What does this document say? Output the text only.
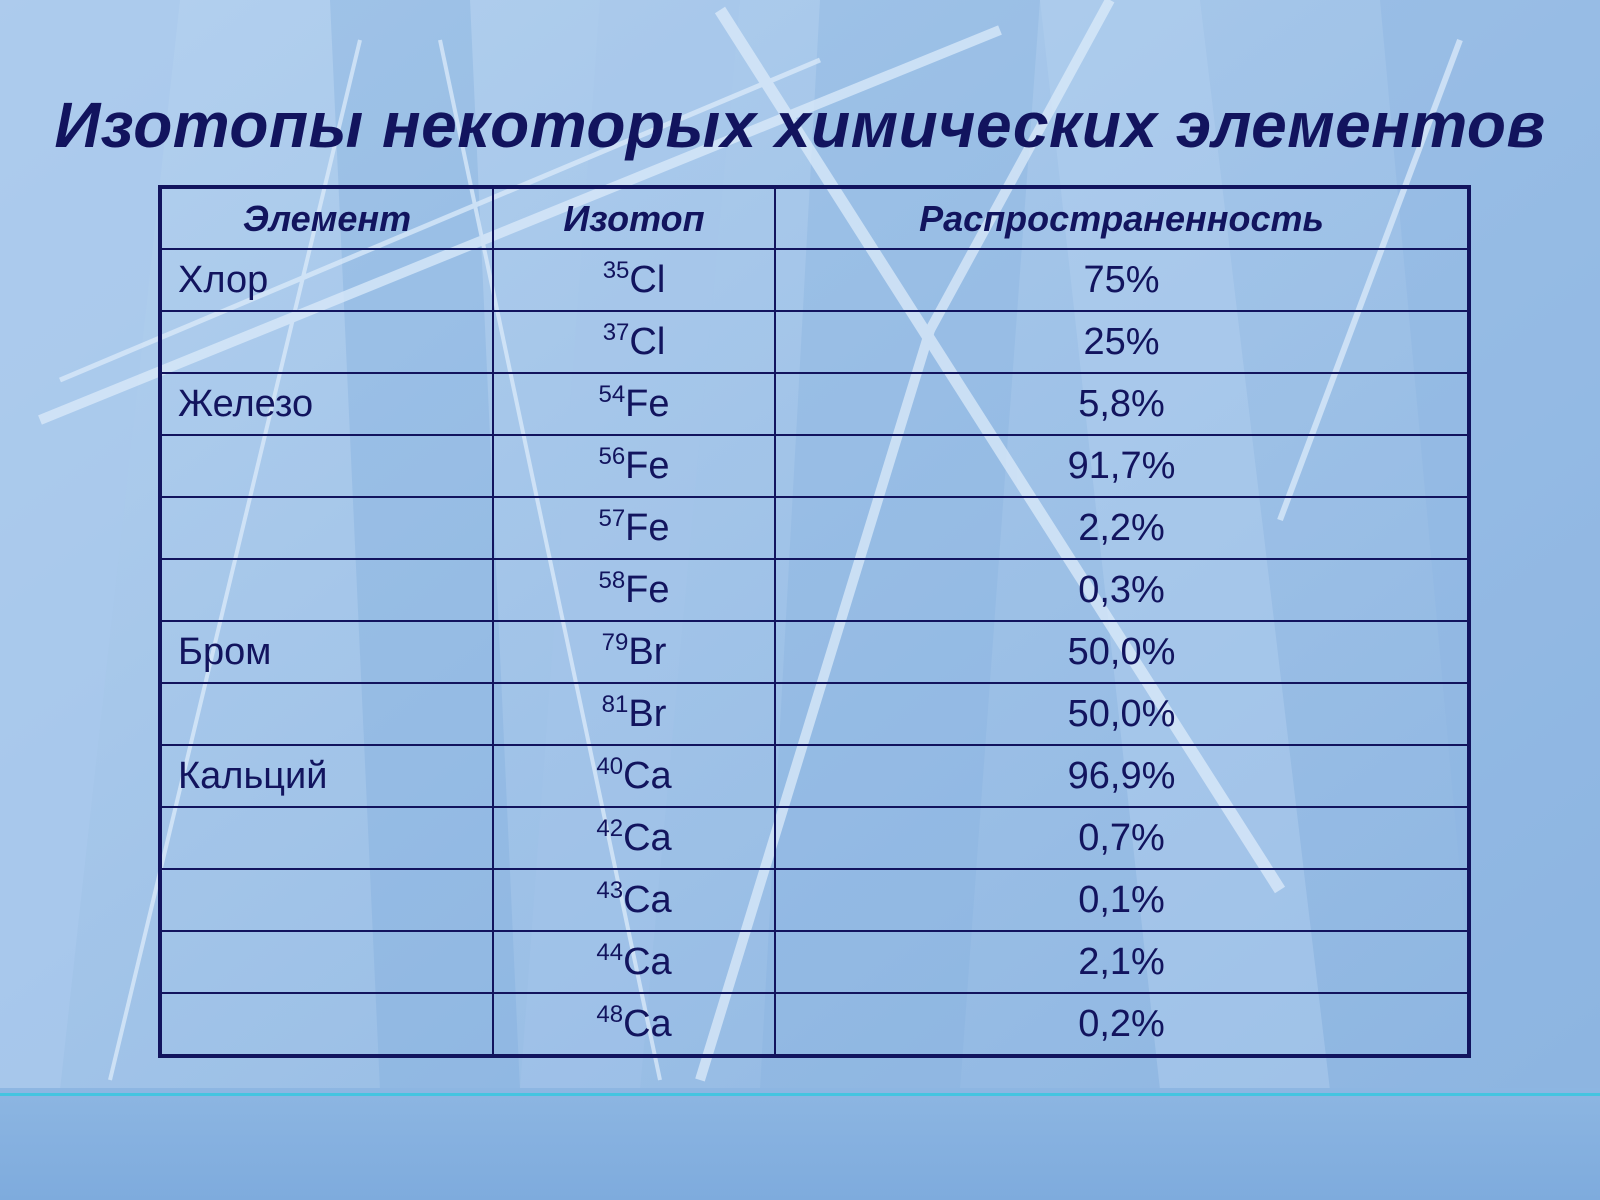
Изотопы некоторых химических элементов
Элемент	Изотоп	Распространенность
Хлор	$^{35}$Cl	75%
	$^{37}$Cl	25%
Железо	$^{54}$Fe	5,8%
	$^{56}$Fe	91,7%
	$^{57}$Fe	2,2%
	$^{58}$Fe	0,3%
Бром	$^{79}$Br	50,0%
	$^{81}$Br	50,0%
Кальций	$^{40}$Ca	96,9%
	$^{42}$Ca	0,7%
	$^{43}$Ca	0,1%
	$^{44}$Ca	2,1%
	$^{48}$Ca	0,2%
